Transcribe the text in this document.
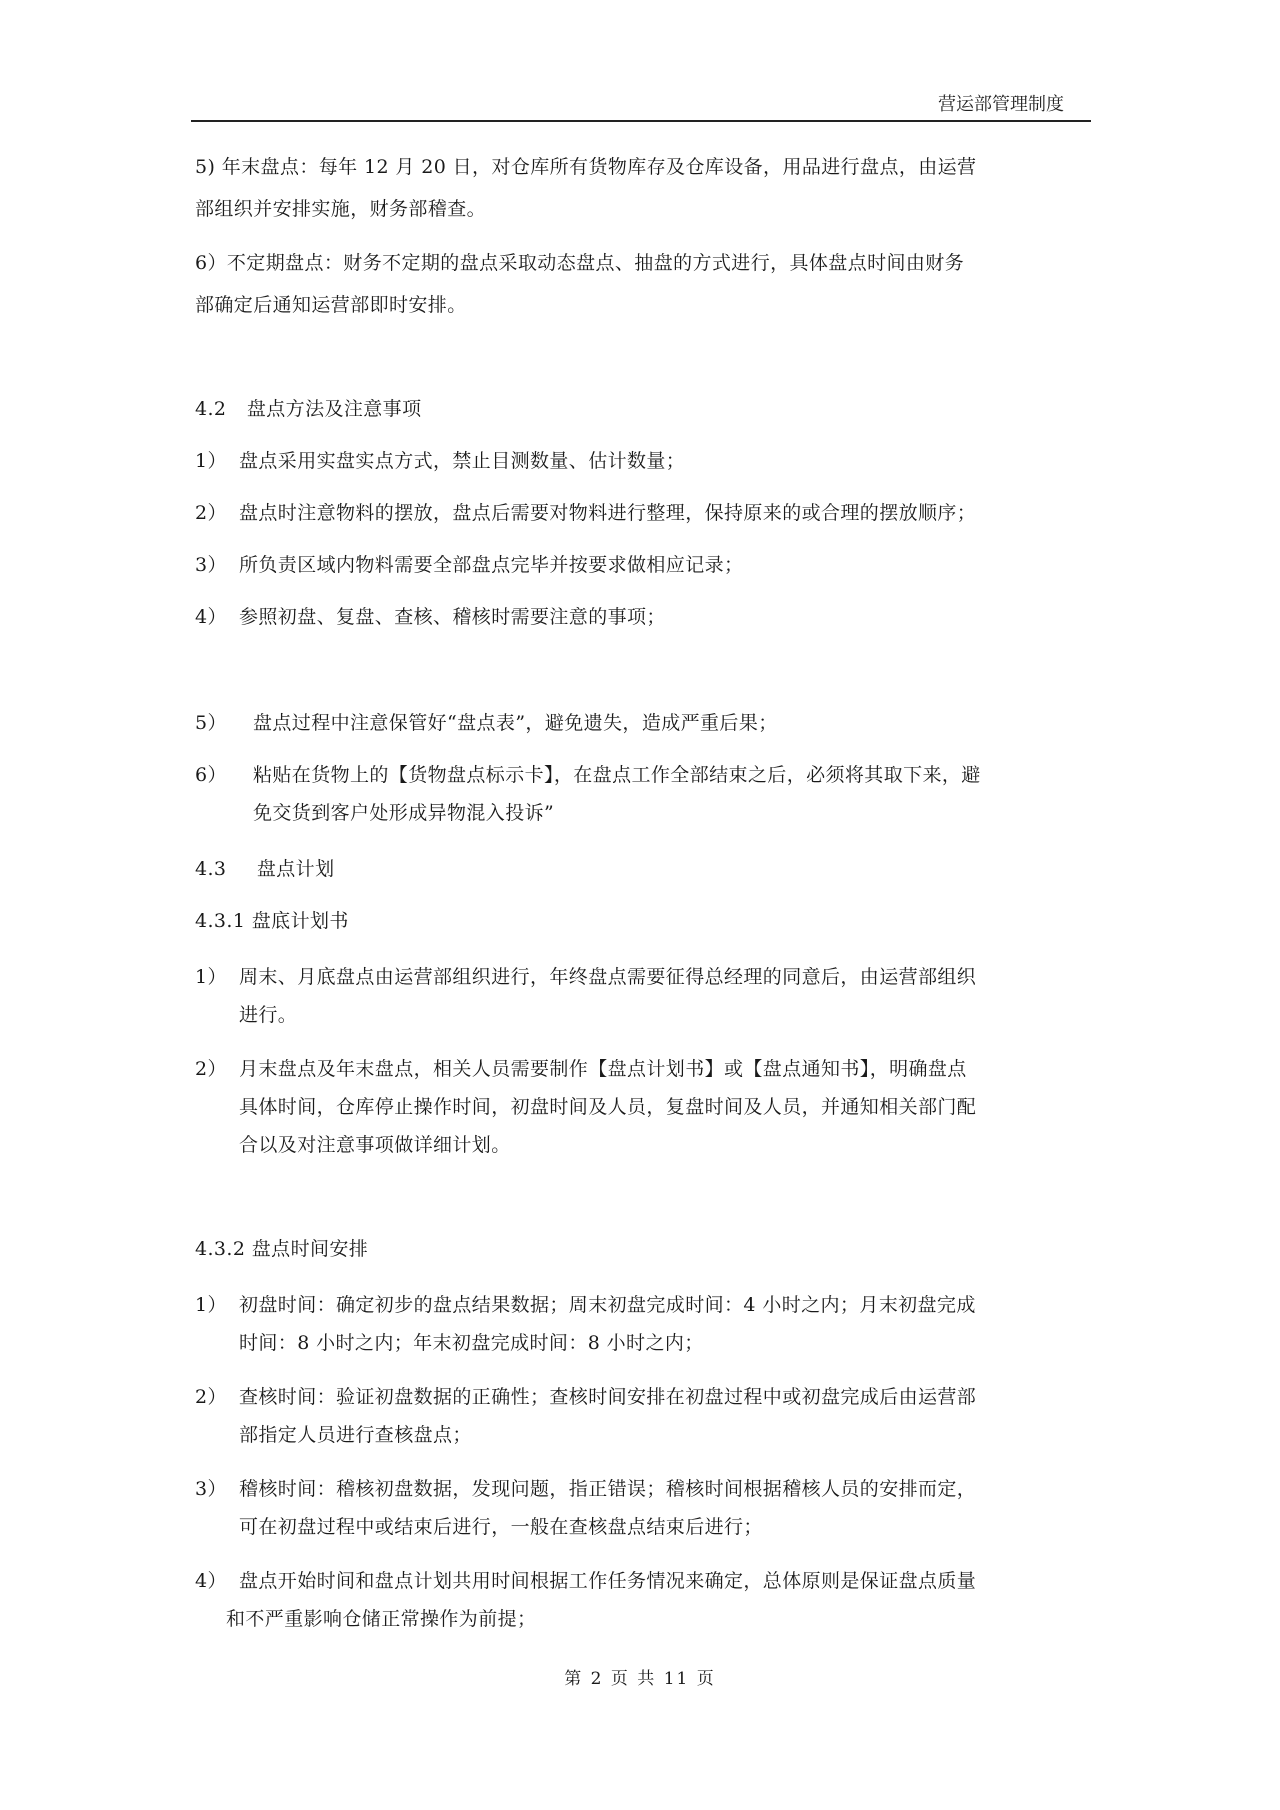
营运部管理制度
5) 年末盘点：每年 12 月 20 日，对仓库所有货物库存及仓库设备，用品进行盘点，由运营
部组织并安排实施，财务部稽查。
6）不定期盘点：财务不定期的盘点采取动态盘点、抽盘的方式进行，具体盘点时间由财务
部确定后通知运营部即时安排。
4.2 盘点方法及注意事项
1） 盘点采用实盘实点方式，禁止目测数量、估计数量；
2） 盘点时注意物料的摆放，盘点后需要对物料进行整理，保持原来的或合理的摆放顺序；
3） 所负责区域内物料需要全部盘点完毕并按要求做相应记录；
4） 参照初盘、复盘、查核、稽核时需要注意的事项；
5） 盘点过程中注意保管好“盘点表”，避免遗失，造成严重后果；
6） 粘贴在货物上的【货物盘点标示卡】，在盘点工作全部结束之后，必须将其取下来，避
免交货到客户处形成异物混入投诉”
4.3 盘点计划
4.3.1 盘底计划书
1） 周末、月底盘点由运营部组织进行，年终盘点需要征得总经理的同意后，由运营部组织
进行。
2） 月末盘点及年末盘点，相关人员需要制作【盘点计划书】或【盘点通知书】，明确盘点
具体时间，仓库停止操作时间，初盘时间及人员，复盘时间及人员，并通知相关部门配
合以及对注意事项做详细计划。
4.3.2 盘点时间安排
1） 初盘时间：确定初步的盘点结果数据；周末初盘完成时间：4 小时之内；月末初盘完成
时间：8 小时之内；年末初盘完成时间：8 小时之内；
2） 查核时间：验证初盘数据的正确性；查核时间安排在初盘过程中或初盘完成后由运营部
部指定人员进行查核盘点；
3） 稽核时间：稽核初盘数据，发现问题，指正错误；稽核时间根据稽核人员的安排而定，
可在初盘过程中或结束后进行，一般在查核盘点结束后进行；
4） 盘点开始时间和盘点计划共用时间根据工作任务情况来确定，总体原则是保证盘点质量
和不严重影响仓储正常操作为前提；
第 2 页 共 11 页
